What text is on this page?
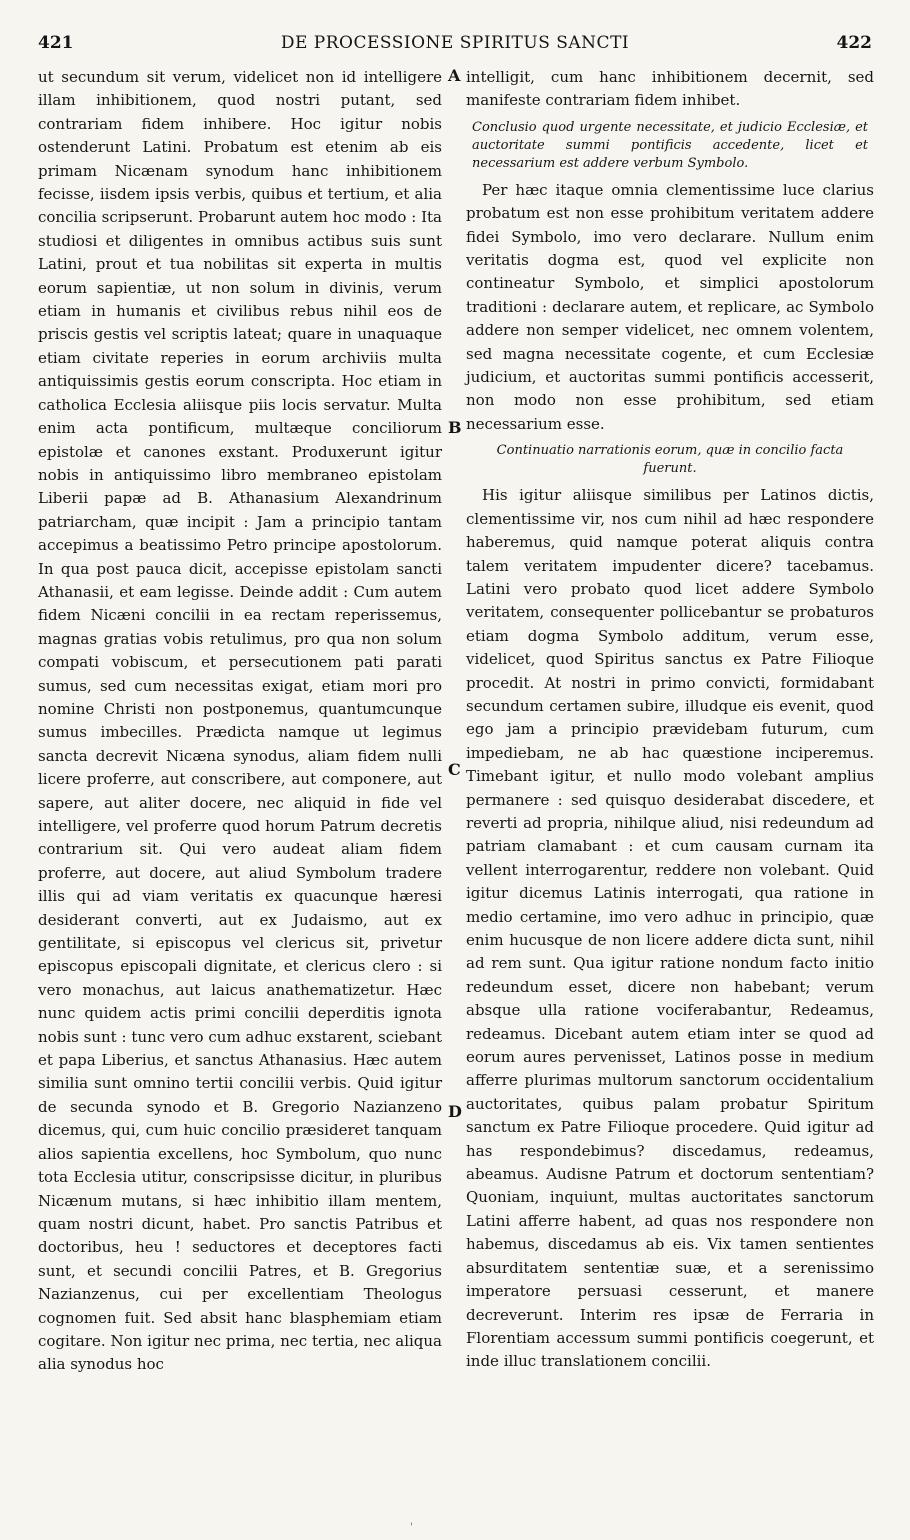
421	DE PROCESSIONE SPIRITUS SANCTI	422

ut secundum sit verum, videlicet non id intelligere illam inhibitionem, quod nostri putant, sed contrariam fidem inhibere. Hoc igitur nobis ostenderunt Latini. Probatum est etenim ab eis primam Nicænam synodum hanc inhibitionem fecisse, iisdem ipsis verbis, quibus et tertium, et alia concilia scripserunt. Probarunt autem hoc modo : Ita studiosi et diligentes in omnibus actibus suis sunt Latini, prout et tua nobilitas sit experta in multis eorum sapientiæ, ut non solum in divinis, verum etiam in humanis et civilibus rebus nihil eos de priscis gestis vel scriptis lateat; quare in unaquaque etiam civitate reperies in eorum archiviis multa antiquissimis gestis eorum conscripta. Hoc etiam in catholica Ecclesia aliisque piis locis servatur. Multa enim acta pontificum, multæque conciliorum epistolæ et canones exstant. Produxerunt igitur nobis in antiquissimo libro membraneo epistolam Liberii papæ ad B. Athanasium Alexandrinum patriarcham, quæ incipit : Jam a principio tantam accepimus a beatissimo Petro principe apostolorum. In qua post pauca dicit, accepisse epistolam sancti Athanasii, et eam legisse. Deinde addit : Cum autem fidem Nicæni concilii in ea rectam reperissemus, magnas gratias vobis retulimus, pro qua non solum compati vobiscum, et persecutionem pati parati sumus, sed cum necessitas exigat, etiam mori pro nomine Christi non postponemus, quantumcunque sumus imbecilles. Prædicta namque ut legimus sancta decrevit Nicæna synodus, aliam fidem nulli licere proferre, aut conscribere, aut componere, aut sapere, aut aliter docere, nec aliquid in fide vel intelligere, vel proferre quod horum Patrum decretis contrarium sit. Qui vero audeat aliam fidem proferre, aut docere, aut aliud Symbolum tradere illis qui ad viam veritatis ex quacunque hæresi desiderant converti, aut ex Judaismo, aut ex gentilitate, si episcopus vel clericus sit, privetur episcopus episcopali dignitate, et clericus clero : si vero monachus, aut laicus anathematizetur. Hæc nunc quidem actis primi concilii deperditis ignota nobis sunt : tunc vero cum adhuc exstarent, sciebant et papa Liberius, et sanctus Athanasius. Hæc autem similia sunt omnino tertii concilii verbis. Quid igitur de secunda synodo et B. Gregorio Nazianzeno dicemus, qui, cum huic concilio præsideret tanquam alios sapientia excellens, hoc Symbolum, quo nunc tota Ecclesia utitur, conscripsisse dicitur, in pluribus Nicænum mutans, si hæc inhibitio illam mentem, quam nostri dicunt, habet. Pro sanctis Patribus et doctoribus, heu ! seductores et deceptores facti sunt, et secundi concilii Patres, et B. Gregorius Nazianzenus, cui per excellentiam Theologus cognomen fuit. Sed absit hanc blasphemiam etiam cogitare. Non igitur nec prima, nec tertia, nec aliqua alia synodus hoc

A
B
C
D

intelligit, cum hanc inhibitionem decernit, sed manifeste contrariam fidem inhibet.

Conclusio quod urgente necessitate, et judicio Ecclesiæ, et auctoritate summi pontificis accedente, licet et necessarium est addere verbum Symbolo.

Per hæc itaque omnia clementissime luce clarius probatum est non esse prohibitum veritatem addere fidei Symbolo, imo vero declarare. Nullum enim veritatis dogma est, quod vel explicite non contineatur Symbolo, et simplici apostolorum traditioni : declarare autem, et replicare, ac Symbolo addere non semper videlicet, nec omnem volentem, sed magna necessitate cogente, et cum Ecclesiæ judicium, et auctoritas summi pontificis accesserit, non modo non esse prohibitum, sed etiam necessarium esse.

Continuatio narrationis eorum, quæ in concilio facta fuerunt.

His igitur aliisque similibus per Latinos dictis, clementissime vir, nos cum nihil ad hæc respondere haberemus, quid namque poterat aliquis contra talem veritatem impudenter dicere? tacebamus. Latini vero probato quod licet addere Symbolo veritatem, consequenter pollicebantur se probaturos etiam dogma Symbolo additum, verum esse, videlicet, quod Spiritus sanctus ex Patre Filioque procedit. At nostri in primo convicti, formidabant secundum certamen subire, illudque eis evenit, quod ego jam a principio prævidebam futurum, cum impediebam, ne ab hac quæstione inciperemus. Timebant igitur, et nullo modo volebant amplius permanere : sed quisquo desiderabat discedere, et reverti ad propria, nihilque aliud, nisi redeundum ad patriam clamabant : et cum causam curnam ita vellent interrogarentur, reddere non volebant. Quid igitur dicemus Latinis interrogati, qua ratione in medio certamine, imo vero adhuc in principio, quæ enim hucusque de non licere addere dicta sunt, nihil ad rem sunt. Qua igitur ratione nondum facto initio redeundum esset, dicere non habebant; verum absque ulla ratione vociferabantur, Redeamus, redeamus. Dicebant autem etiam inter se quod ad eorum aures pervenisset, Latinos posse in medium afferre plurimas multorum sanctorum occidentalium auctoritates, quibus palam probatur Spiritum sanctum ex Patre Filioque procedere. Quid igitur ad has respondebimus? discedamus, redeamus, abeamus. Audisne Patrum et doctorum sententiam? Quoniam, inquiunt, multas auctoritates sanctorum Latini afferre habent, ad quas nos respondere non habemus, discedamus ab eis. Vix tamen sentientes absurditatem sententiæ suæ, et a serenissimo imperatore persuasi cesserunt, et manere decreverunt. Interim res ipsæ de Ferraria in Florentiam accessum summi pontificis coegerunt, et inde illuc translationem concilii.

'
